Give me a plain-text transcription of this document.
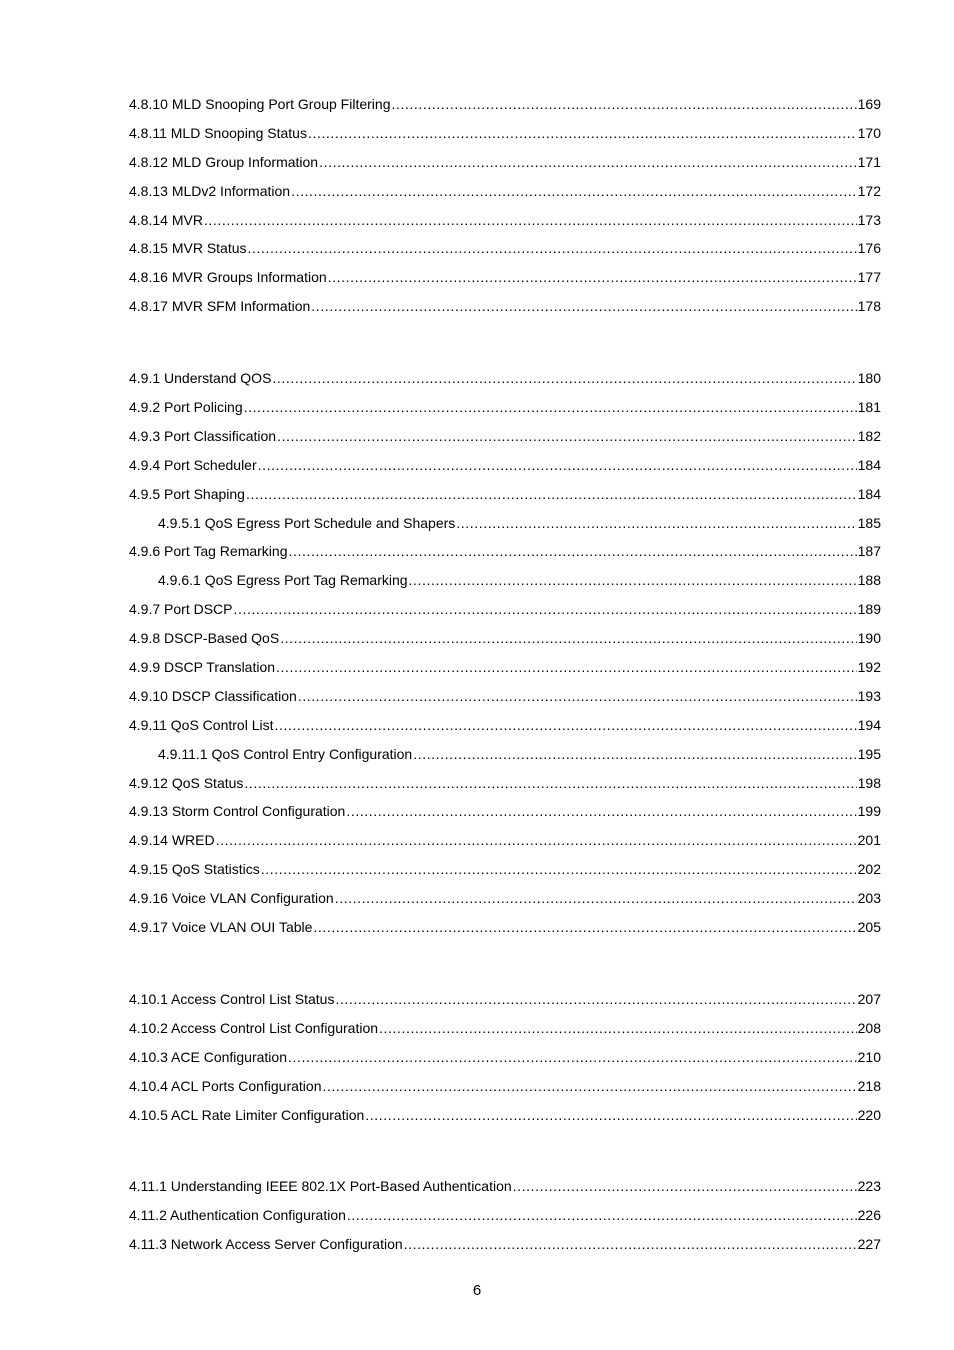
4.8.10 MLD Snooping Port Group Filtering .....	169
4.8.11 MLD Snooping Status .....	170
4.8.12 MLD Group Information .....	171
4.8.13 MLDv2 Information .....	172
4.8.14 MVR .....	173
4.8.15 MVR Status .....	176
4.8.16 MVR Groups Information .....	177
4.8.17 MVR SFM Information .....	178
4.9.1 Understand QOS .....	180
4.9.2 Port Policing .....	181
4.9.3 Port Classification .....	182
4.9.4 Port Scheduler .....	184
4.9.5 Port Shaping .....	184
4.9.5.1 QoS Egress Port Schedule and Shapers .....	185
4.9.6 Port Tag Remarking .....	187
4.9.6.1 QoS Egress Port Tag Remarking .....	188
4.9.7 Port DSCP .....	189
4.9.8 DSCP-Based QoS .....	190
4.9.9 DSCP Translation .....	192
4.9.10 DSCP Classification .....	193
4.9.11 QoS Control List .....	194
4.9.11.1 QoS Control Entry Configuration .....	195
4.9.12 QoS Status .....	198
4.9.13 Storm Control Configuration .....	199
4.9.14 WRED .....	201
4.9.15 QoS Statistics .....	202
4.9.16 Voice VLAN Configuration .....	203
4.9.17 Voice VLAN OUI Table .....	205
4.10.1 Access Control List Status .....	207
4.10.2 Access Control List Configuration .....	208
4.10.3 ACE Configuration .....	210
4.10.4 ACL Ports Configuration .....	218
4.10.5 ACL Rate Limiter Configuration .....	220
4.11.1 Understanding IEEE 802.1X Port-Based Authentication .....	223
4.11.2 Authentication Configuration .....	226
4.11.3 Network Access Server Configuration .....	227
6
